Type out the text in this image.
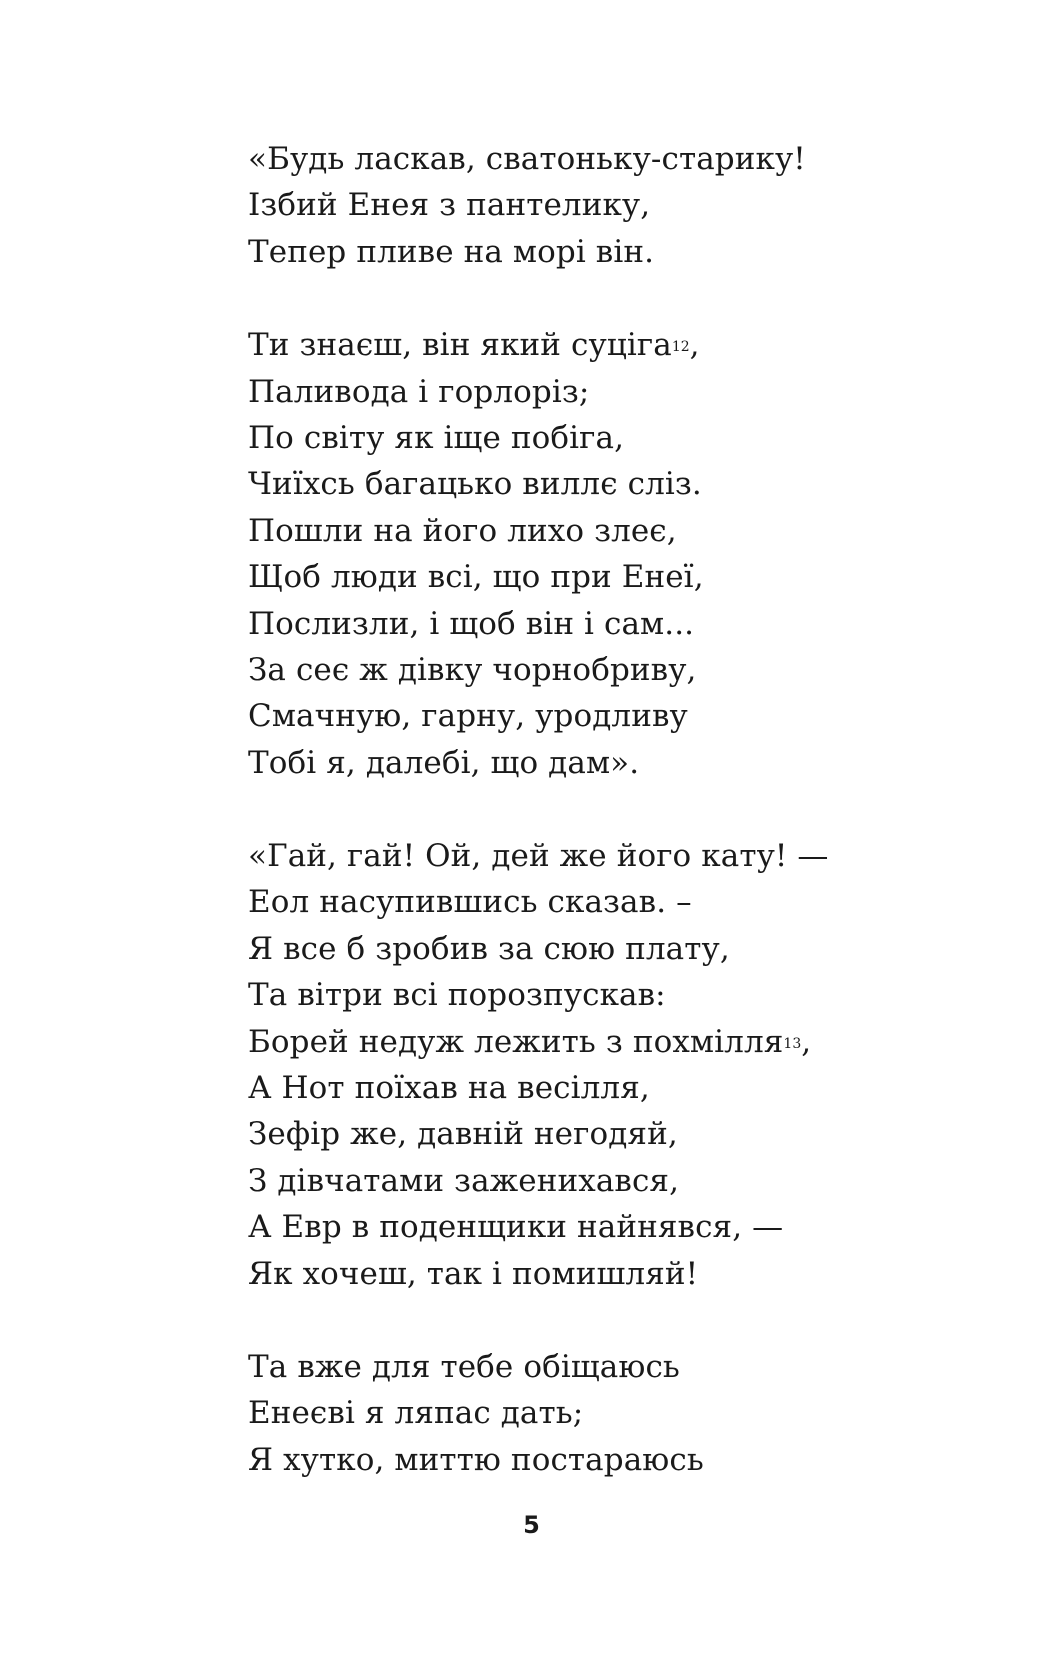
«Будь ласкав, сватоньку-старику!
Ізбий Енея з пантелику,
Тепер пливе на морі він.
Ти знаєш, він який суціга$^{12}$,
Паливода і горлоріз;
По світу як іще побіга,
Чиїхсь багацько виллє сліз.
Пошли на його лихо злеє,
Щоб люди всі, що при Енеї,
Послизли, і щоб він і сам...
За сеє ж дівку чорнобриву,
Смачную, гарну, уродливу
Тобі я, далебі, що дам».
«Гай, гай! Ой, дей же його кату! —
Еол насупившись сказав. –
Я все б зробив за сюю плату,
Та вітри всі порозпускав:
Борей недуж лежить з похмілля$^{13}$,
А Нот поїхав на весілля,
Зефір же, давній негодяй,
З дівчатами заженихався,
А Евр в поденщики найнявся, —
Як хочеш, так і помишляй!
Та вже для тебе обіщаюсь
Енеєві я ляпас дать;
Я хутко, миттю постараюсь
5
